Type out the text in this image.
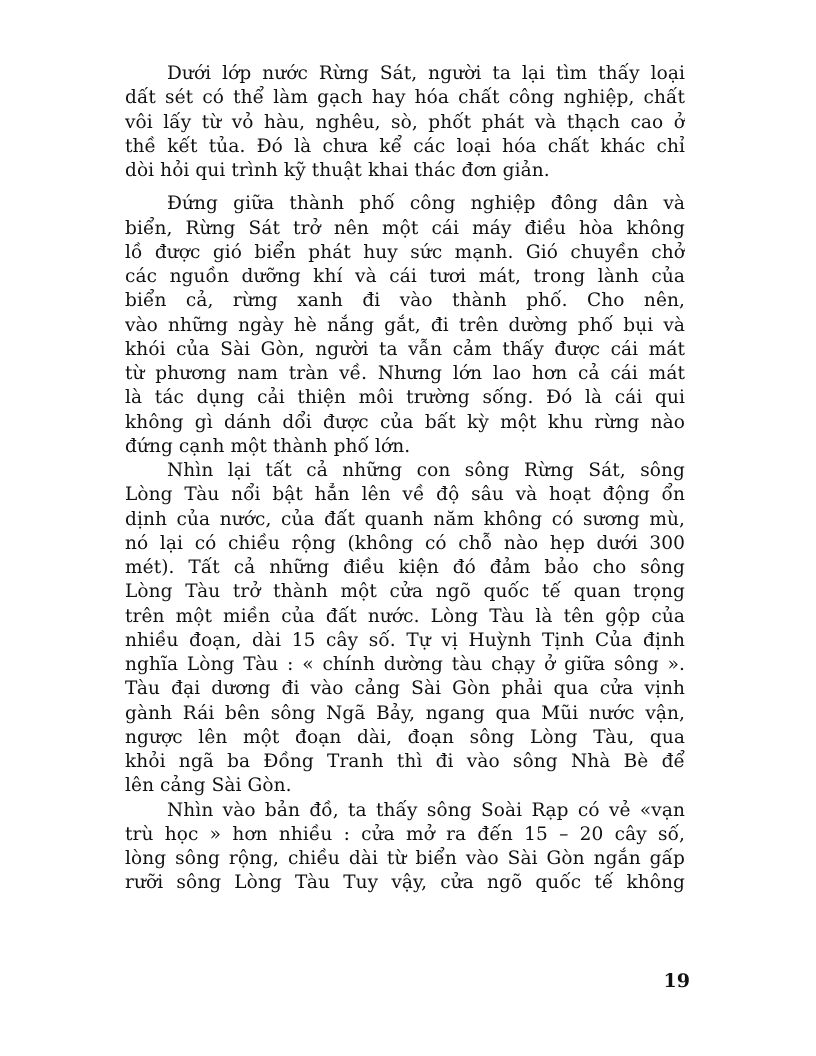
Dưới lớp nước Rừng Sát, người ta lại tìm thấy loại
dất sét có thể làm gạch hay hóa chất công nghiệp, chất
vôi lấy từ vỏ hàu, nghêu, sò, phốt phát và thạch cao ở
thề kết tủa. Đó là chưa kể các loại hóa chất khác chỉ
dòi hỏi qui trình kỹ thuật khai thác đơn giản.
Đứng giữa thành phố công nghiệp đông dân và
biển, Rừng Sát trở nên một cái máy điều hòa không
lồ được gió biển phát huy sức mạnh. Gió chuyền chở
các nguồn dưỡng khí và cái tươi mát, trong lành của
biển cả, rừng xanh đi vào thành phố. Cho nên,
vào những ngày hè nắng gắt, đi trên dường phố bụi và
khói của Sài Gòn, người ta vẫn cảm thấy được cái mát
từ phương nam tràn về. Nhưng lớn lao hơn cả cái mát
là tác dụng cải thiện môi trường sống. Đó là cái qui
không gì dánh dổi được của bất kỳ một khu rừng nào
đứng cạnh một thành phố lớn.
Nhìn lại tất cả những con sông Rừng Sát, sông
Lòng Tàu nổi bật hẳn lên về độ sâu và hoạt động ổn
dịnh của nước, của đất quanh năm không có sương mù,
nó lại có chiều rộng (không có chỗ nào hẹp dưới 300
mét). Tất cả những điều kiện đó đảm bảo cho sông
Lòng Tàu trở thành một cửa ngõ quốc tế quan trọng
trên một miền của đất nước. Lòng Tàu là tên gộp của
nhiều đoạn, dài 15 cây số. Tự vị Huỳnh Tịnh Của định
nghĩa Lòng Tàu : « chính dường tàu chạy ở giữa sông ».
Tàu đại dương đi vào cảng Sài Gòn phải qua cửa vịnh
gành Rái bên sông Ngã Bảy, ngang qua Mũi nước vận,
ngược lên một đoạn dài, đoạn sông Lòng Tàu, qua
khỏi ngã ba Đồng Tranh thì đi vào sông Nhà Bè để
lên cảng Sài Gòn.
Nhìn vào bản đồ, ta thấy sông Soài Rạp có vẻ «vạn
trù học » hơn nhiều : cửa mở ra đến 15 – 20 cây số,
lòng sông rộng, chiều dài từ biển vào Sài Gòn ngắn gấp
rưỡi sông Lòng Tàu Tuy vậy, cửa ngõ quốc tế không
19
